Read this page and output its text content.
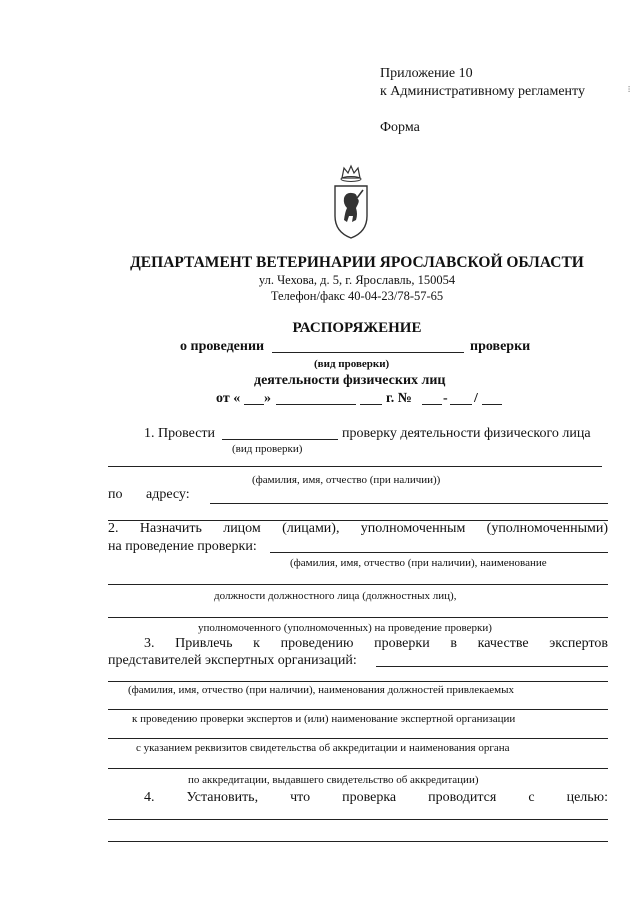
Приложение 10
к Административному регламенту
Форма
...
ДЕПАРТАМЕНТ ВЕТЕРИНАРИИ ЯРОСЛАВСКОЙ ОБЛАСТИ
ул. Чехова, д. 5, г. Ярославль, 150054
Телефон/факс 40-04-23/78-57-65
РАСПОРЯЖЕНИЕ
о проведении	проверки
(вид проверки)
деятельности физических лиц
от « »	г. № - /
1. Провести	проверку деятельности физического лица
(вид проверки)
(фамилия, имя, отчество (при наличии))
по адресу:
2. Назначить лицом (лицами), уполномоченным (уполномоченными)
на проведение проверки:
(фамилия, имя, отчество (при наличии), наименование
должности должностного лица (должностных лиц),
уполномоченного (уполномоченных) на проведение проверки)
3. Привлечь к проведению проверки в качестве экспертов
представителей экспертных организаций:
(фамилия, имя, отчество (при наличии), наименования должностей привлекаемых
к проведению проверки экспертов и (или) наименование экспертной организации
с указанием реквизитов свидетельства об аккредитации и наименования органа
по аккредитации, выдавшего свидетельство об аккредитации)
4. Установить, что проверка проводится с целью:
